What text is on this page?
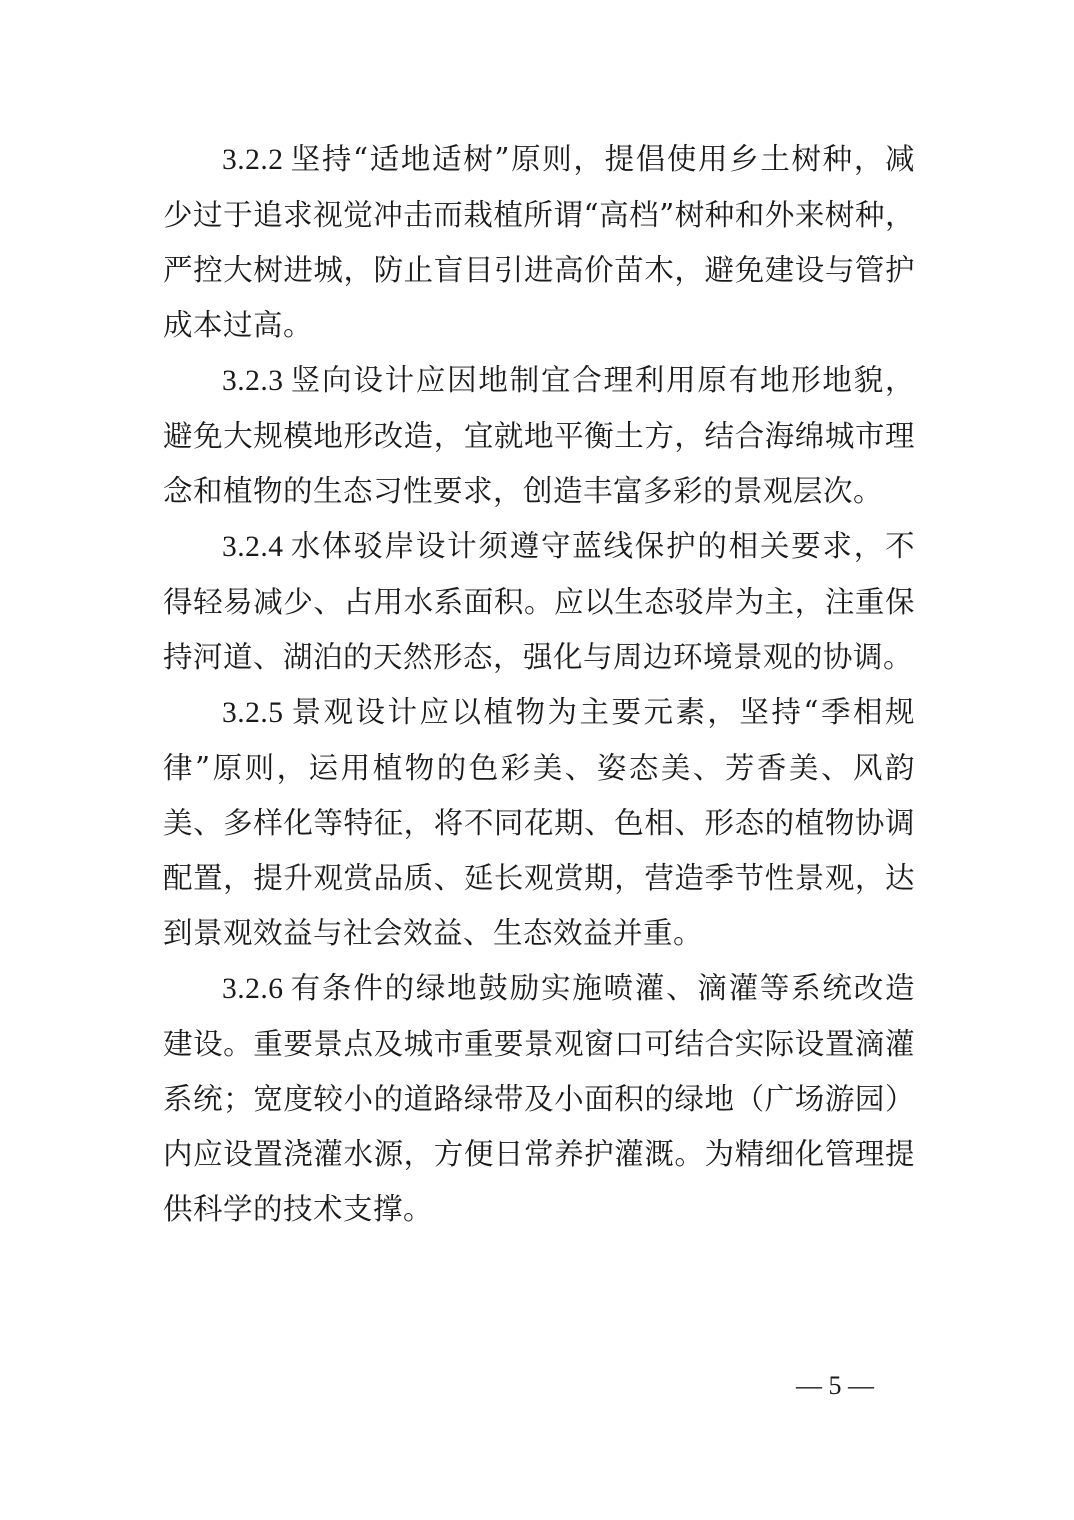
3.2.2 坚持“适地适树”原则，提倡使用乡土树种，减少过于追求视觉冲击而栽植所谓“高档”树种和外来树种，严控大树进城，防止盲目引进高价苗木，避免建设与管护成本过高。

3.2.3 竖向设计应因地制宜合理利用原有地形地貌，避免大规模地形改造，宜就地平衡土方，结合海绵城市理念和植物的生态习性要求，创造丰富多彩的景观层次。

3.2.4 水体驳岸设计须遵守蓝线保护的相关要求，不得轻易减少、占用水系面积。应以生态驳岸为主，注重保持河道、湖泊的天然形态，强化与周边环境景观的协调。

3.2.5 景观设计应以植物为主要元素，坚持“季相规律”原则，运用植物的色彩美、姿态美、芳香美、风韵美、多样化等特征，将不同花期、色相、形态的植物协调配置，提升观赏品质、延长观赏期，营造季节性景观，达到景观效益与社会效益、生态效益并重。

3.2.6 有条件的绿地鼓励实施喷灌、滴灌等系统改造建设。重要景点及城市重要景观窗口可结合实际设置滴灌系统；宽度较小的道路绿带及小面积的绿地（广场游园）内应设置浇灌水源，方便日常养护灌溉。为精细化管理提供科学的技术支撑。

— 5 —
